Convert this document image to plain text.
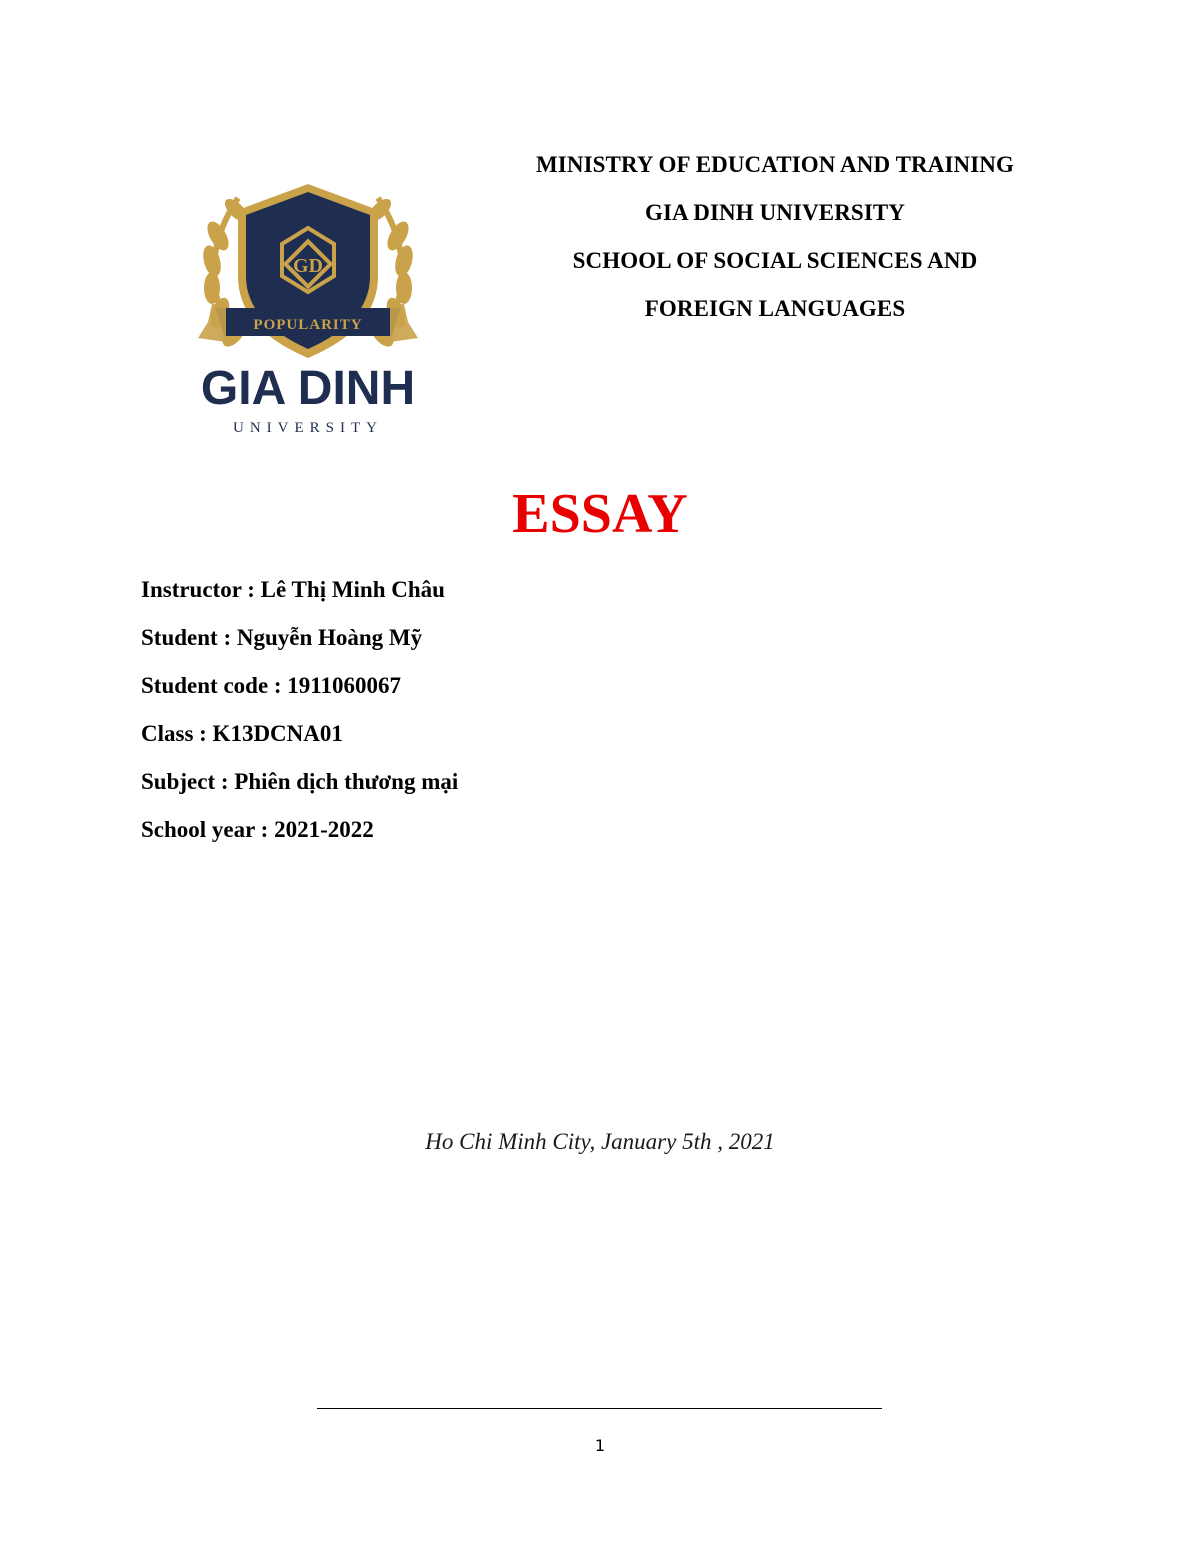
GD
POPULARITY
GIA DINH
UNIVERSITY
MINISTRY OF EDUCATION AND TRAINING
GIA DINH UNIVERSITY
SCHOOL OF SOCIAL SCIENCES AND
FOREIGN LANGUAGES
ESSAY
Instructor : Lê Thị Minh Châu
Student : Nguyễn Hoàng Mỹ
Student code : 1911060067
Class : K13DCNA01
Subject : Phiên dịch thương mại
School year : 2021-2022
Ho Chi Minh City, January 5th , 2021
1
